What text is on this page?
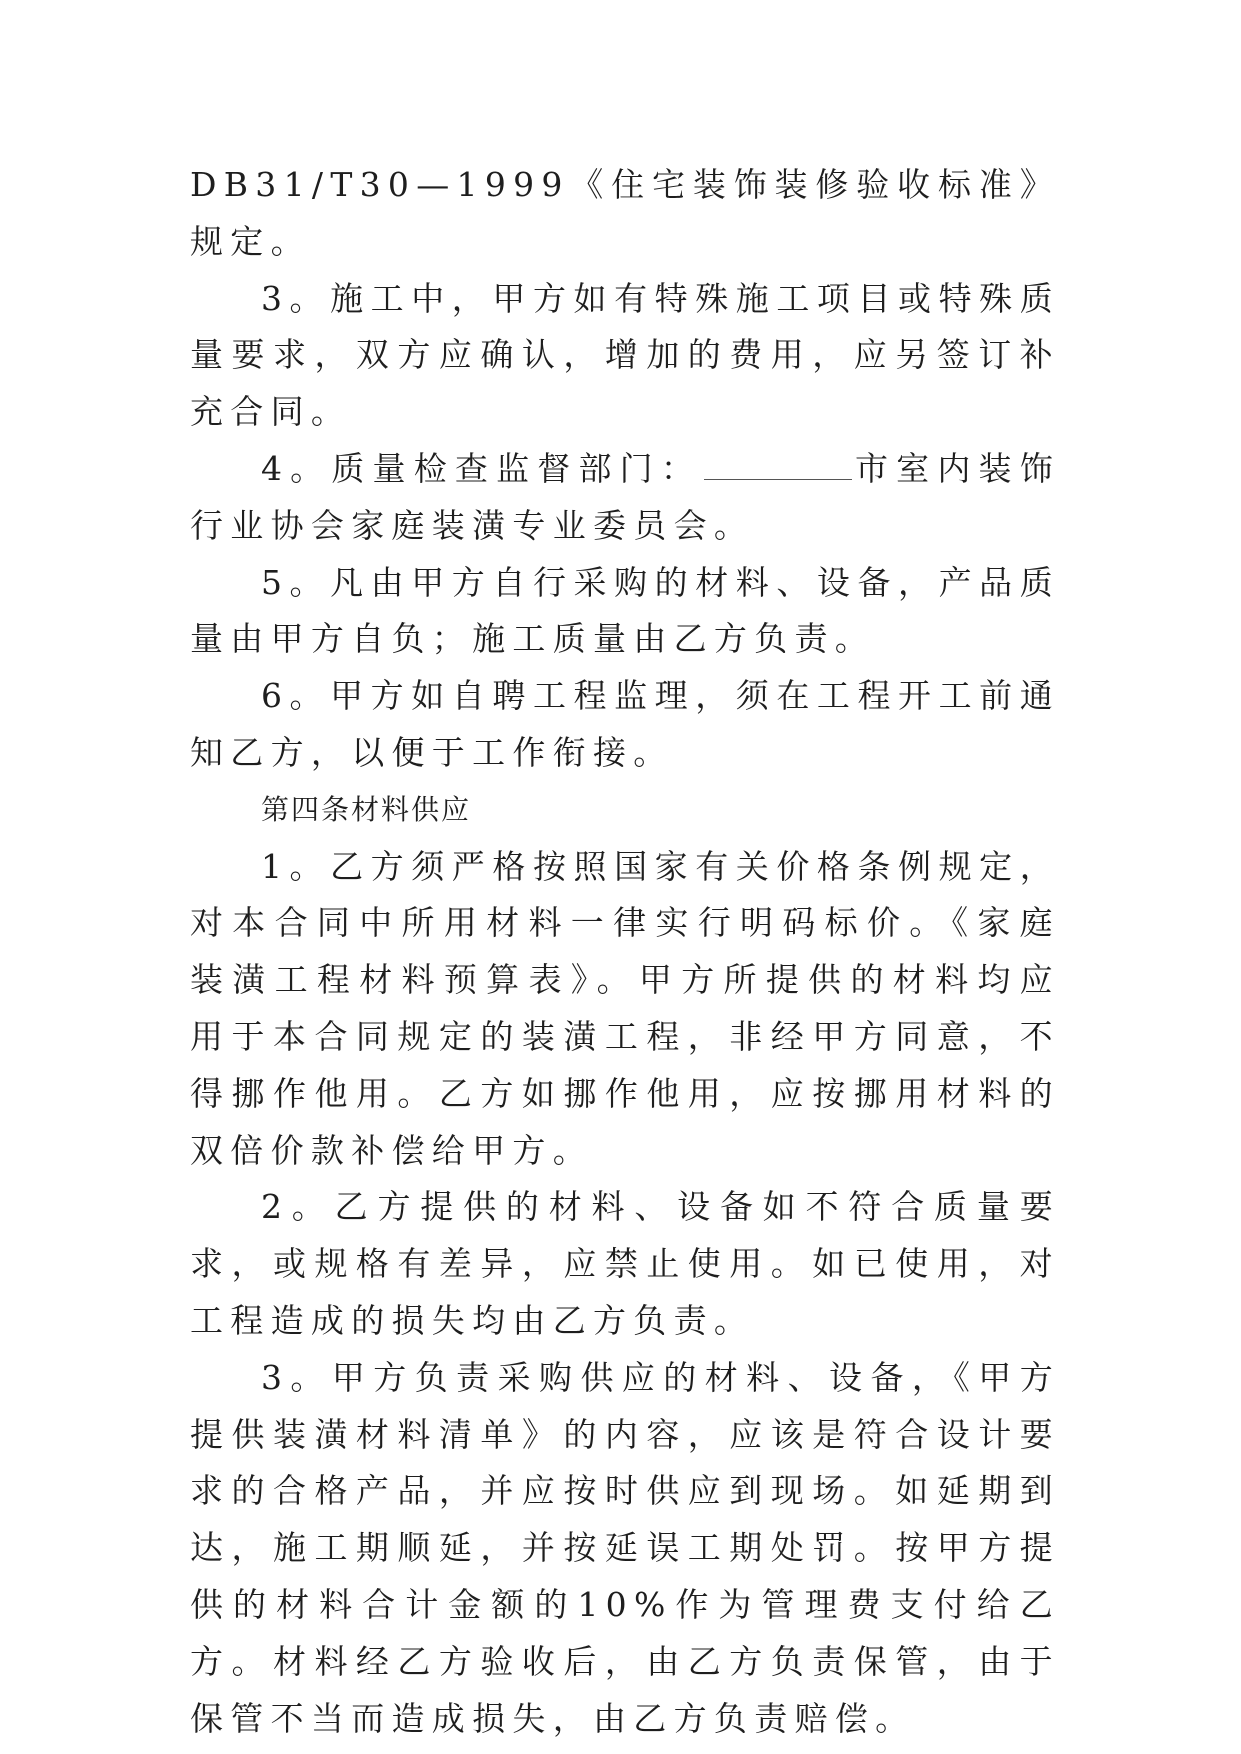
DB31/T30—1999《住宅装饰装修验收标准》规定。

3。施工中，甲方如有特殊施工项目或特殊质量要求，双方应确认，增加的费用，应另签订补充合同。

4。质量检查监督部门：	市室内装饰行业协会家庭装潢专业委员会。

5。凡由甲方自行采购的材料、设备，产品质量由甲方自负；施工质量由乙方负责。

6。甲方如自聘工程监理，须在工程开工前通知乙方，以便于工作衔接。

第四条材料供应

1。乙方须严格按照国家有关价格条例规定，对本合同中所用材料一律实行明码标价。《家庭装潢工程材料预算表》。甲方所提供的材料均应用于本合同规定的装潢工程，非经甲方同意，不得挪作他用。乙方如挪作他用，应按挪用材料的双倍价款补偿给甲方。

2。乙方提供的材料、设备如不符合质量要求，或规格有差异，应禁止使用。如已使用，对工程造成的损失均由乙方负责。

3。甲方负责采购供应的材料、设备，《甲方提供装潢材料清单》的内容，应该是符合设计要求的合格产品，并应按时供应到现场。如延期到达，施工期顺延，并按延误工期处罚。按甲方提供的材料合计金额的10%作为管理费支付给乙方。材料经乙方验收后，由乙方负责保管，由于保管不当而造成损失，由乙方负责赔偿。
